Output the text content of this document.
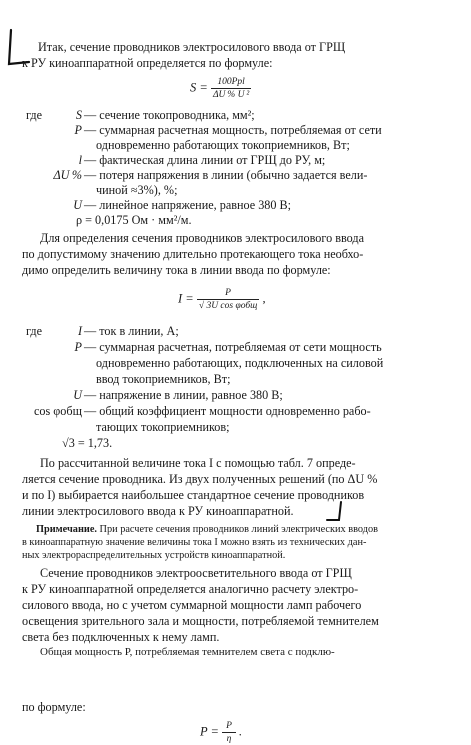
Итак, сечение проводников электросилового ввода от ГРЩ

к РУ киноаппаратной определяется по формуле:

$S = \frac{\text{100Ppl}}{\text{ΔU \% U ²}}$
где	S — сечение токопроводника, мм²;
P — суммарная расчетная мощность, потребляемая от сети
одновременно работающих токоприемников, Вт;
l — фактическая длина линии от ГРЩ до РУ, м;
ΔU % — потеря напряжения в линии (обычно задается вели-
чиной ≈3%), %;
U — линейное напряжение, равное 380 В;
ρ = 0,0175 Ом · мм²/м.

Для определения сечения проводников электросилового ввода

по допустимому значению длительно протекающего тока необхо-

димо определить величину тока в линии ввода по формуле:

$I = \frac{P}{\text{√ 3U cos φобщ}}$ ,
где	I — ток в линии, А;
P — суммарная расчетная, потребляемая от сети мощность
одновременно работающих, подключенных на силовой
ввод токоприемников, Вт;
U — напряжение в линии, равное 380 В;
cos φобщ — общий коэффициент мощности одновременно рабо-
тающих токоприемников;
√3 = 1,73.

По рассчитанной величине тока I с помощью табл. 7 опреде-

ляется сечение проводника. Из двух полученных решений (по ΔU %

и по I) выбирается наибольшее стандартное сечение проводников

линии электросилового ввода к РУ киноаппаратной.

Примечание. При расчете сечения проводников линий электрических вводов
в киноаппаратную значение величины тока I можно взять из технических дан-
ных электрораспределительных устройств киноаппаратной.

Сечение проводников электроосветительного ввода от ГРЩ

к РУ киноаппаратной определяется аналогично расчету электро-

силового ввода, но с учетом суммарной мощности ламп рабочего

освещения зрительного зала и мощности, потребляемой темнителем

света без подключенных к нему ламп.

Общая мощность P, потребляемая темнителем света с подклю-

по формуле:

$P = \frac{P}{\eta}$ .
